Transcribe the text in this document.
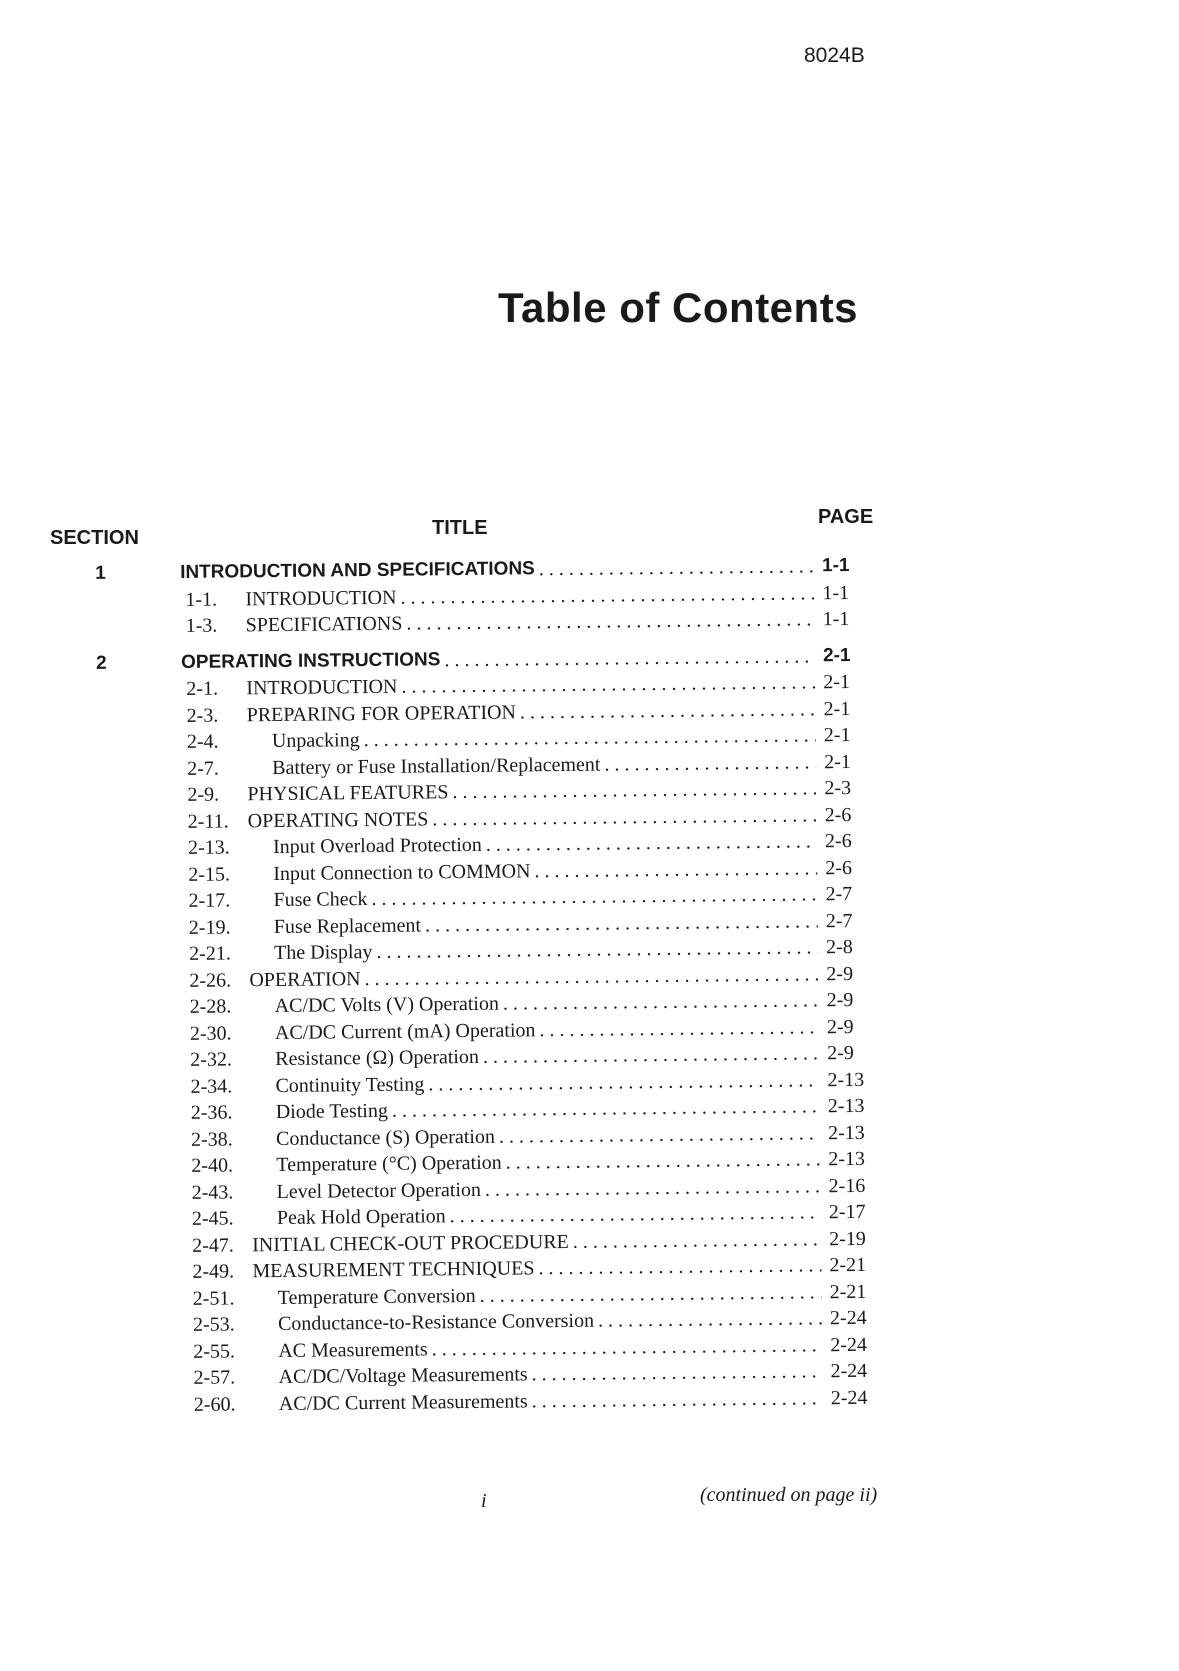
8024B
Table of Contents
SECTION	TITLE	PAGE
1	INTRODUCTION AND SPECIFICATIONS . . .	1-1
1-1. INTRODUCTION . . .	1-1
1-3. SPECIFICATIONS . . .	1-1
2	OPERATING INSTRUCTIONS . . .	2-1
2-1. INTRODUCTION . . .	2-1
2-3. PREPARING FOR OPERATION . . .	2-1
2-4.	Unpacking . . .	2-1
2-7.	Battery or Fuse Installation/Replacement . . .	2-1
2-9. PHYSICAL FEATURES . . .	2-3
2-11. OPERATING NOTES . . .	2-6
2-13. Input Overload Protection . . .	2-6
2-15. Input Connection to COMMON . . .	2-6
2-17. Fuse Check . . .	2-7
2-19. Fuse Replacement . . .	2-7
2-21. The Display . . .	2-8
2-26. OPERATION . . .	2-9
2-28. AC/DC Volts (V) Operation . . .	2-9
2-30. AC/DC Current (mA) Operation . . .	2-9
2-32. Resistance (Ω) Operation . . .	2-9
2-34. Continuity Testing . . .	2-13
2-36. Diode Testing . . .	2-13
2-38. Conductance (S) Operation . . .	2-13
2-40. Temperature (°C) Operation . . .	2-13
2-43. Level Detector Operation . . .	2-16
2-45. Peak Hold Operation . . .	2-17
2-47. INITIAL CHECK-OUT PROCEDURE . . .	2-19
2-49. MEASUREMENT TECHNIQUES . . .	2-21
2-51. Temperature Conversion . . .	2-21
2-53. Conductance-to-Resistance Conversion . . .	2-24
2-55. AC Measurements . . .	2-24
2-57. AC/DC/Voltage Measurements . . .	2-24
2-60. AC/DC Current Measurements . . .	2-24
i	(continued on page ii)
